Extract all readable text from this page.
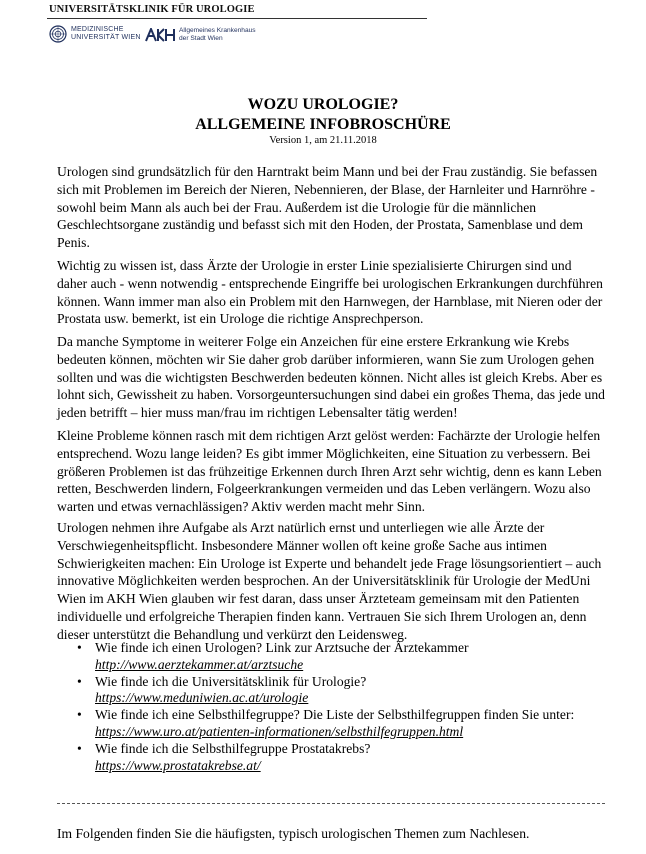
UNIVERSITÄTSKLINIK FÜR UROLOGIE
MEDIZINISCHE
UNIVERSITÄT WIEN
Allgemeines Krankenhaus
der Stadt Wien
WOZU UROLOGIE?
ALLGEMEINE INFOBROSCHÜRE
Version 1, am 21.11.2018

Urologen sind grundsätzlich für den Harntrakt beim Mann und bei der Frau zuständig. Sie befassen sich mit Problemen im Bereich der Nieren, Nebennieren, der Blase, der Harnleiter und Harnröhre - sowohl beim Mann als auch bei der Frau. Außerdem ist die Urologie für die männlichen Geschlechtsorgane zuständig und befasst sich mit den Hoden, der Prostata, Samenblase und dem Penis.

Wichtig zu wissen ist, dass Ärzte der Urologie in erster Linie spezialisierte Chirurgen sind und daher auch - wenn notwendig - entsprechende Eingriffe bei urologischen Erkrankungen durchführen können. Wann immer man also ein Problem mit den Harnwegen, der Harnblase, mit Nieren oder der Prostata usw. bemerkt, ist ein Urologe die richtige Ansprechperson.

Da manche Symptome in weiterer Folge ein Anzeichen für eine erstere Erkrankung wie Krebs bedeuten können, möchten wir Sie daher grob darüber informieren, wann Sie zum Urologen gehen sollten und was die wichtigsten Beschwerden bedeuten können. Nicht alles ist gleich Krebs. Aber es lohnt sich, Gewissheit zu haben. Vorsorgeuntersuchungen sind dabei ein großes Thema, das jede und jeden betrifft – hier muss man/frau im richtigen Lebensalter tätig werden!

Kleine Probleme können rasch mit dem richtigen Arzt gelöst werden: Fachärzte der Urologie helfen entsprechend. Wozu lange leiden? Es gibt immer Möglichkeiten, eine Situation zu verbessern. Bei größeren Problemen ist das frühzeitige Erkennen durch Ihren Arzt sehr wichtig, denn es kann Leben retten, Beschwerden lindern, Folgeerkrankungen vermeiden und das Leben verlängern. Wozu also warten und etwas vernachlässigen? Aktiv werden macht mehr Sinn.

Urologen nehmen ihre Aufgabe als Arzt natürlich ernst und unterliegen wie alle Ärzte der Verschwiegenheitspflicht. Insbesondere Männer wollen oft keine große Sache aus intimen Schwierigkeiten machen: Ein Urologe ist Experte und behandelt jede Frage lösungsorientiert – auch innovative Möglichkeiten werden besprochen. An der Universitätsklinik für Urologie der MedUni Wien im AKH Wien glauben wir fest daran, dass unser Ärzteteam gemeinsam mit den Patienten individuelle und erfolgreiche Therapien finden kann. Vertrauen Sie sich Ihrem Urologen an, denn dieser unterstützt die Behandlung und verkürzt den Leidensweg.

• Wie finde ich einen Urologen? Link zur Arztsuche der Ärztekammer
http://www.aerztekammer.at/arztsuche
• Wie finde ich die Universitätsklinik für Urologie?
https://www.meduniwien.ac.at/urologie
• Wie finde ich eine Selbsthilfegruppe? Die Liste der Selbsthilfegruppen finden Sie unter:
https://www.uro.at/patienten-informationen/selbsthilfegruppen.html
• Wie finde ich die Selbsthilfegruppe Prostatakrebs?
https://www.prostatakrebse.at/

Im Folgenden finden Sie die häufigsten, typisch urologischen Themen zum Nachlesen.
